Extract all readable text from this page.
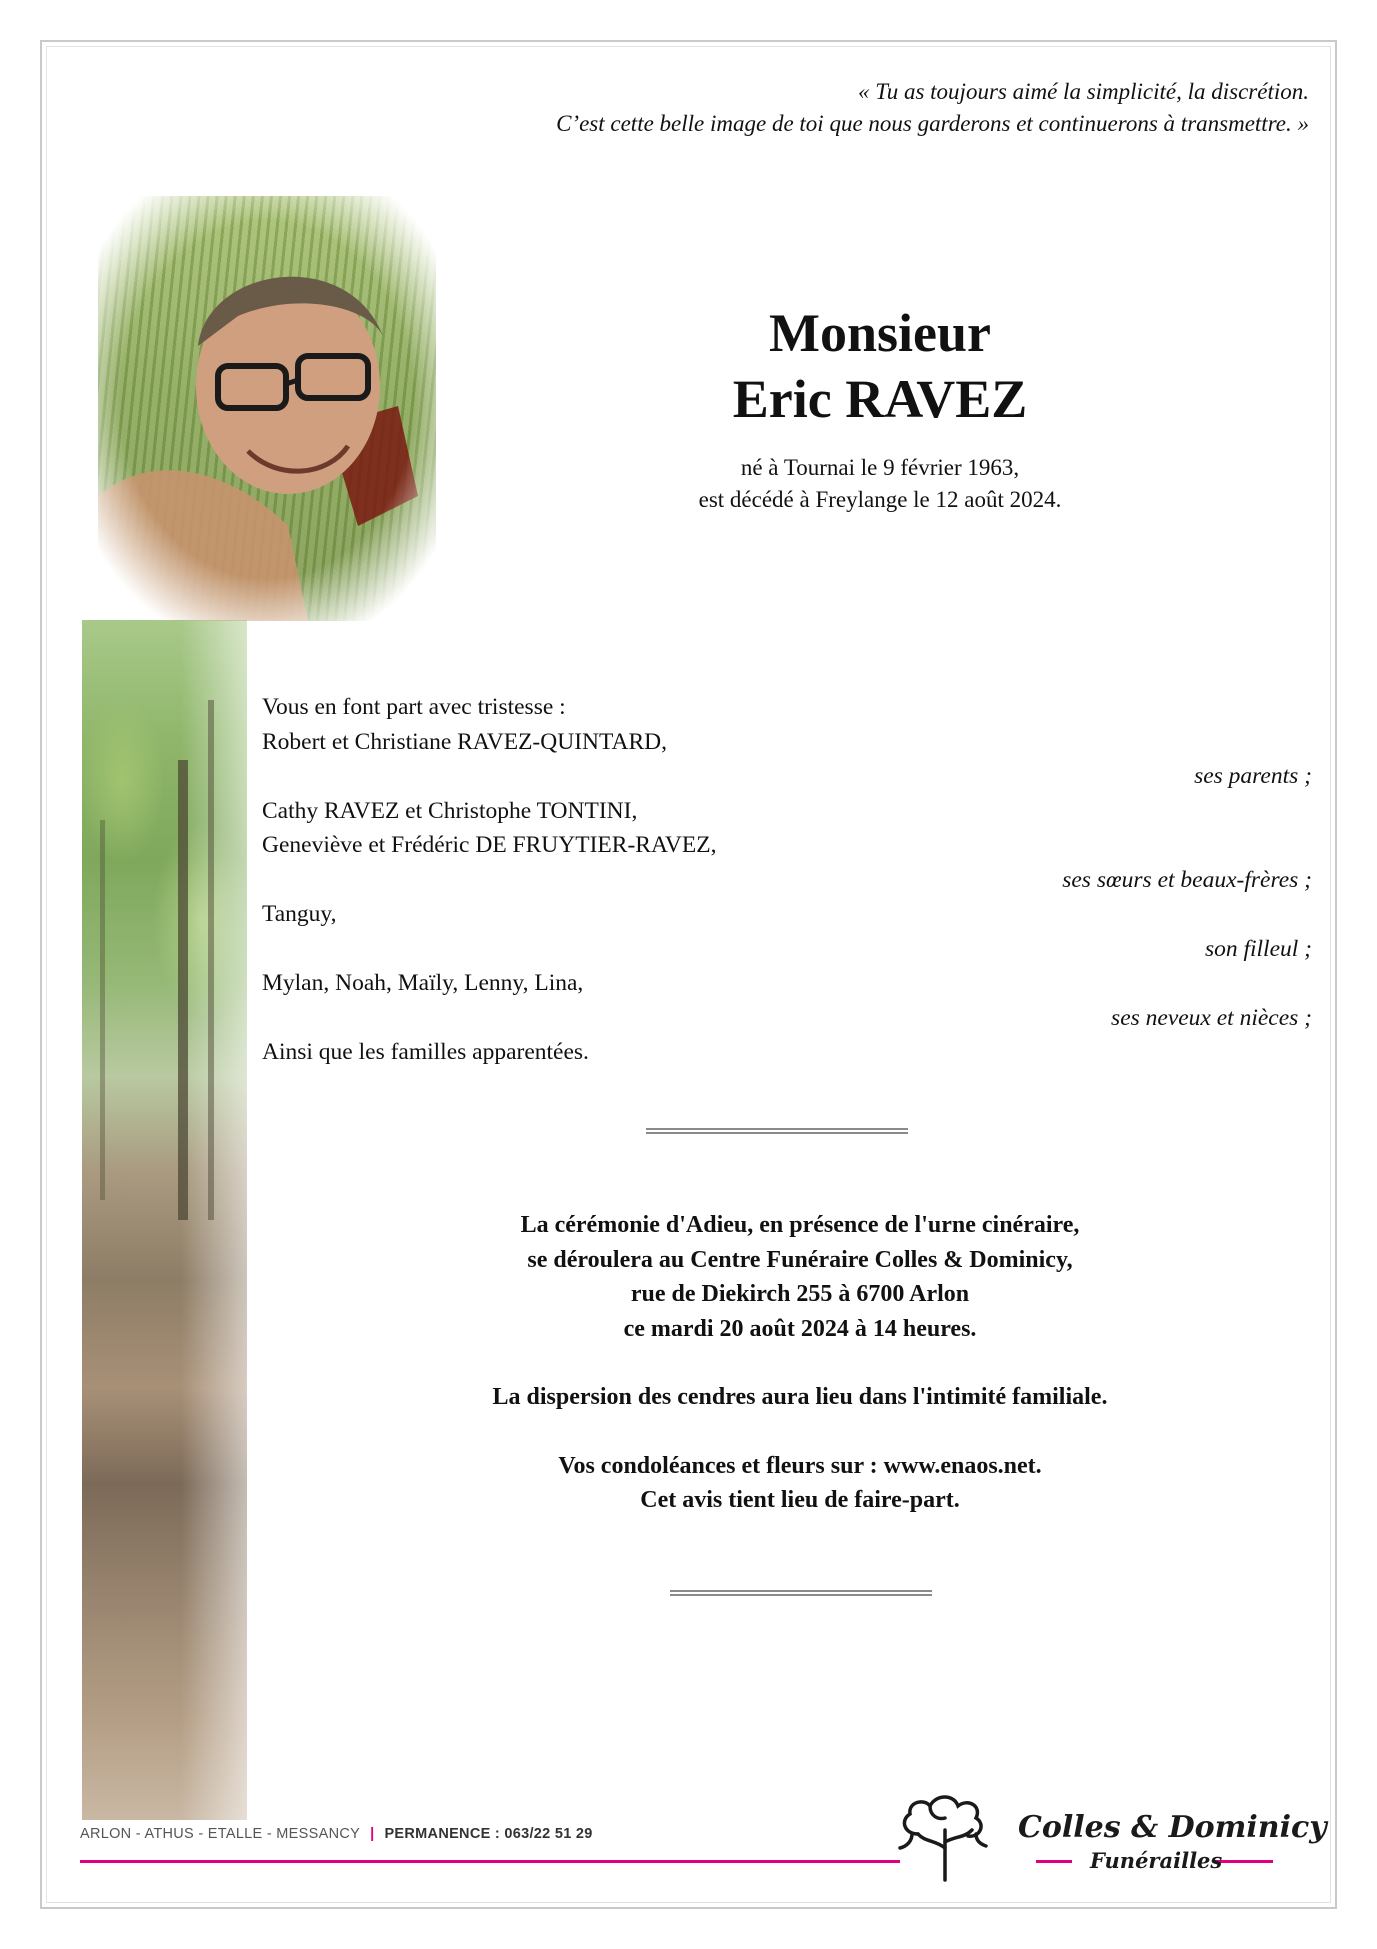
« Tu as toujours aimé la simplicité, la discrétion.
C’est cette belle image de toi que nous garderons et continuerons à transmettre. »
Monsieur
Eric RAVEZ
né à Tournai le 9 février 1963,
est décédé à Freylange le 12 août 2024.
Vous en font part avec tristesse :
Robert et Christiane RAVEZ-QUINTARD,
ses parents ;
Cathy RAVEZ et Christophe TONTINI,
Geneviève et Frédéric DE FRUYTIER-RAVEZ,
ses sœurs et beaux-frères ;
Tanguy,
son filleul ;
Mylan, Noah, Maïly, Lenny, Lina,
ses neveux et nièces ;
Ainsi que les familles apparentées.
La cérémonie d'Adieu, en présence de l'urne cinéraire,
se déroulera au Centre Funéraire Colles & Dominicy,
rue de Diekirch 255 à 6700 Arlon
ce mardi 20 août 2024 à 14 heures.
La dispersion des cendres aura lieu dans l'intimité familiale.
Vos condoléances et fleurs sur : www.enaos.net.
Cet avis tient lieu de faire-part.
ARLON - ATHUS - ETALLE - MESSANCY | PERMANENCE : 063/22 51 29	Colles & Dominicy
Funérailles
